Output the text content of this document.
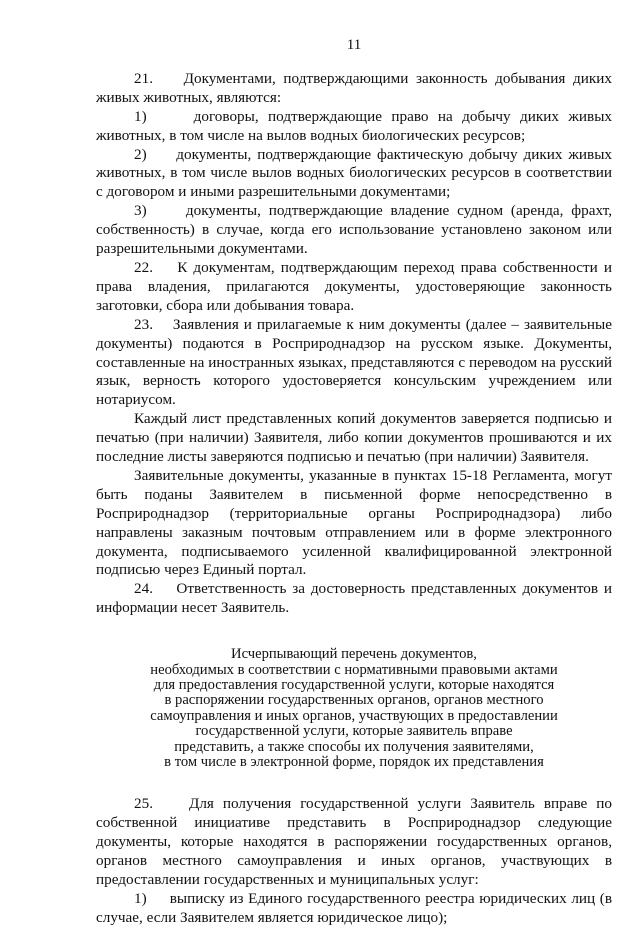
11

21.    Документами, подтверждающими законность добывания диких живых животных, являются:

1)     договоры, подтверждающие право на добычу диких живых животных, в том числе на вылов водных биологических ресурсов;

2)     документы, подтверждающие фактическую добычу диких живых животных, в том числе вылов водных биологических ресурсов в соответствии с договором и иными разрешительными документами;

3)     документы, подтверждающие владение судном (аренда, фрахт, собственность) в случае, когда его использование установлено законом или разрешительными документами.

22.    К документам, подтверждающим переход права собственности и права владения, прилагаются документы, удостоверяющие законность заготовки, сбора или добывания товара.

23.    Заявления и прилагаемые к ним документы (далее – заявительные документы) подаются в Росприроднадзор на русском языке. Документы, составленные на иностранных языках, представляются с переводом на русский язык, верность которого удостоверяется консульским учреждением или нотариусом.

Каждый лист представленных копий документов заверяется подписью и печатью (при наличии) Заявителя, либо копии документов прошиваются и их последние листы заверяются подписью и печатью (при наличии) Заявителя.

Заявительные документы, указанные в пунктах 15-18 Регламента, могут быть поданы Заявителем в письменной форме непосредственно в Росприроднадзор (территориальные органы Росприроднадзора) либо направлены заказным почтовым отправлением или в форме электронного документа, подписываемого усиленной квалифицированной электронной подписью через Единый портал.

24.    Ответственность за достоверность представленных документов и информации несет Заявитель.

Исчерпывающий перечень документов,
необходимых в соответствии с нормативными правовыми актами
для предоставления государственной услуги, которые находятся
в распоряжении государственных органов, органов местного
самоуправления и иных органов, участвующих в предоставлении
государственной услуги, которые заявитель вправе
представить, а также способы их получения заявителями,
в том числе в электронной форме, порядок их представления

25.    Для получения государственной услуги Заявитель вправе по собственной инициативе представить в Росприроднадзор следующие документы, которые находятся в распоряжении государственных органов, органов местного самоуправления и иных органов, участвующих в предоставлении государственных и муниципальных услуг:

1)     выписку из Единого государственного реестра юридических лиц (в случае, если Заявителем является юридическое лицо);
